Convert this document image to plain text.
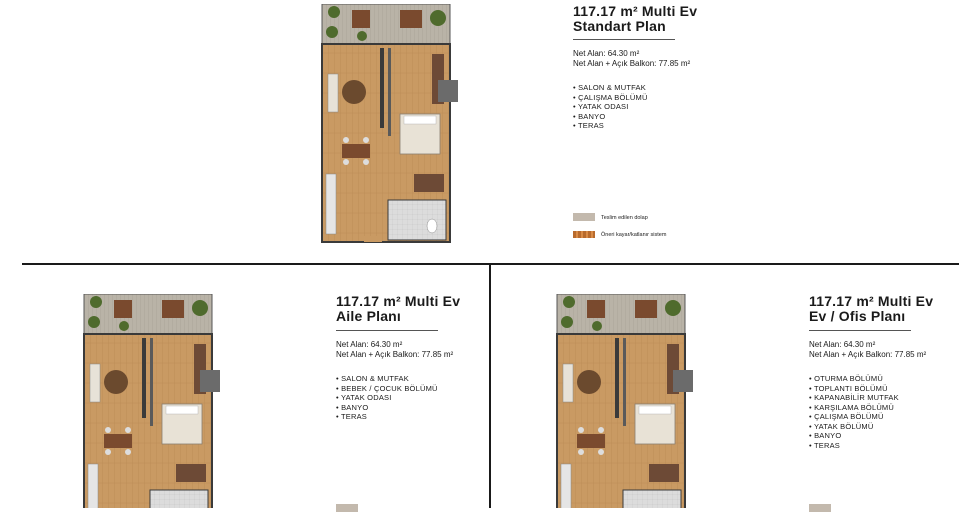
117.17 m² Multi Ev
Standart Plan
Net Alan: 64.30 m²
Net Alan + Açık Balkon: 77.85 m²
• SALON & MUTFAK
• ÇALIŞMA BÖLÜMÜ
• YATAK ODASI
• BANYO
• TERAS
Teslim edilen dolap
Öneri kayar/katlanır sistem
117.17 m² Multi Ev
Aile Planı
Net Alan: 64.30 m²
Net Alan + Açık Balkon: 77.85 m²
• SALON & MUTFAK
• BEBEK / ÇOCUK BÖLÜMÜ
• YATAK ODASI
• BANYO
• TERAS
117.17 m² Multi Ev
Ev / Ofis Planı
Net Alan: 64.30 m²
Net Alan + Açık Balkon: 77.85 m²
• OTURMA BÖLÜMÜ
• TOPLANTI BÖLÜMÜ
• KAPANABİLİR MUTFAK
• KARŞILAMA BÖLÜMÜ
• ÇALIŞMA BÖLÜMÜ
• YATAK BÖLÜMÜ
• BANYO
• TERAS
